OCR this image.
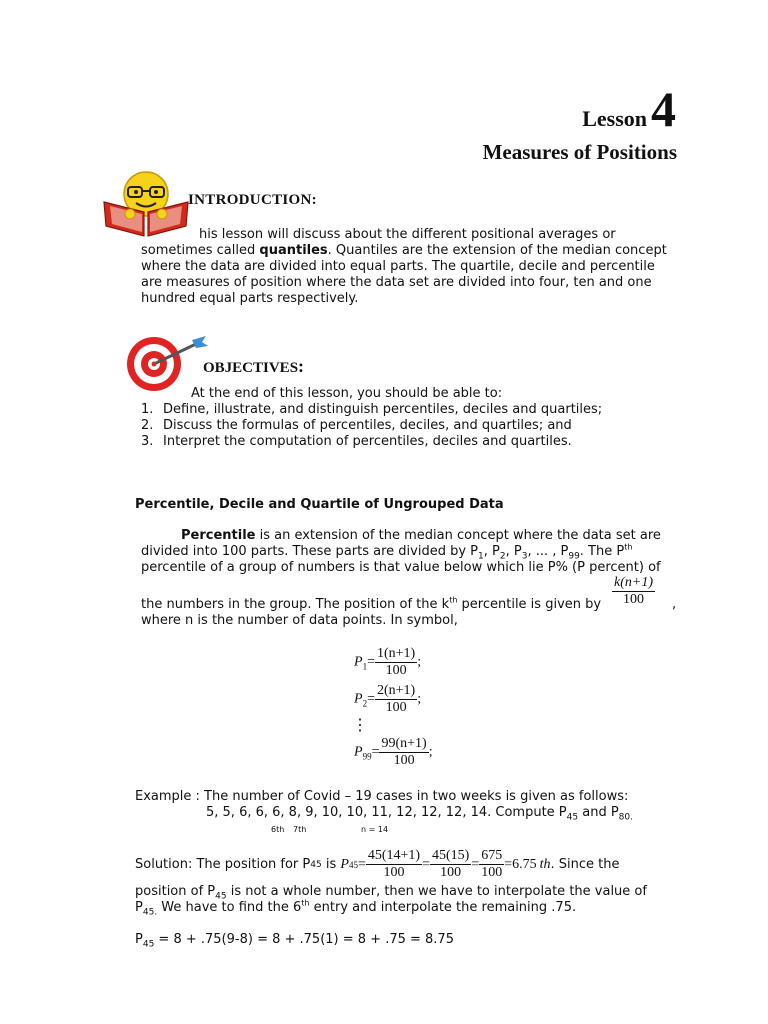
Lesson 4
Measures of Positions
INTRODUCTION:
his lesson will discuss about the different positional averages or
sometimes called quantiles. Quantiles are the extension of the median concept
where the data are divided into equal parts. The quartile, decile and percentile
are measures of position where the data set are divided into four, ten and one
hundred equal parts respectively.
OBJECTIVES:
At the end of this lesson, you should be able to:
1. Define, illustrate, and distinguish percentiles, deciles and quartiles;
2. Discuss the formulas of percentiles, deciles, and quartiles; and
3. Interpret the computation of percentiles, deciles and quartiles.
Percentile, Decile and Quartile of Ungrouped Data
Percentile is an extension of the median concept where the data set are
divided into 100 parts. These parts are divided by $P_1$, $P_2$, $P_3$, ... , $P_{99}$. The $P^{th}$
percentile of a group of numbers is that value below which lie P% (P percent) of
$\frac{k(n+1)}{100}$
the numbers in the group. The position of the $k^{th}$ percentile is given by	,
where n is the number of data points. In symbol,
$P_1= \frac{1(n+1)}{100}$ ;
$P_2= \frac{2(n+1)}{100}$ ;
⋮
$P_{99}= \frac{99(n+1)}{100}$ ;
Example : The number of Covid – 19 cases in two weeks is given as follows:
5, 5, 6, 6, 6, 8, 9, 10, 10, 11, 12, 12, 12, 14. Compute $P_{45}$ and $P_{80.}$
6th 7th	n = 14
Solution: The position for P 45 is P $45 = \frac{45(14+1)}{100} = \frac{45(15)}{100} = \frac{675}{100} =6.75$ th . Since the
position of $P_{45}$ is not a whole number, then we have to interpolate the value of
$P_{45.}$ We have to find the 6th entry and interpolate the remaining .75.
$P_{45} = 8 + .75(9-8) = 8 + .75(1) = 8 + .75 = 8.75$
